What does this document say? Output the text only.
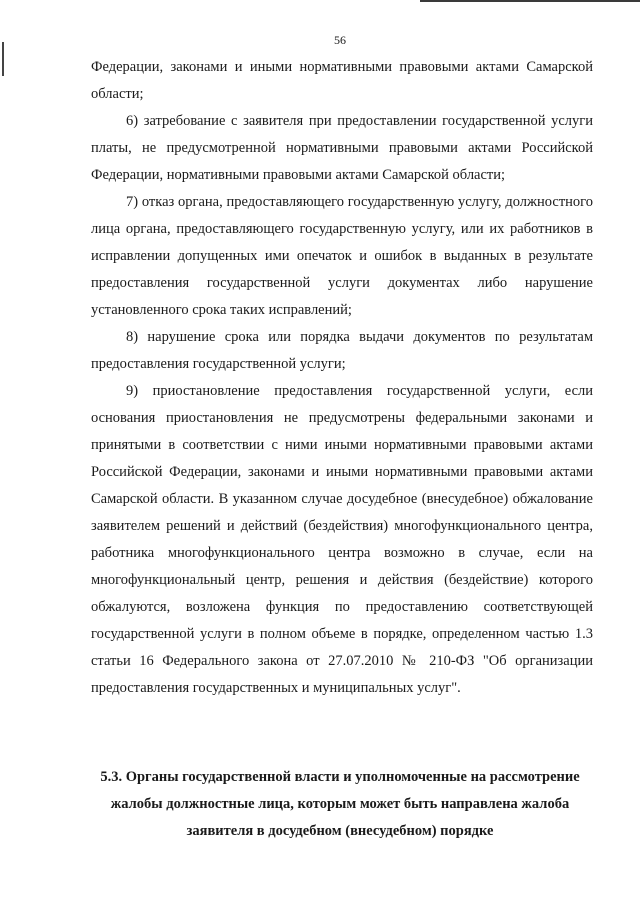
56

Федерации, законами и иными нормативными правовыми актами Самарской области;

6) затребование с заявителя при предоставлении государственной услуги платы, не предусмотренной нормативными правовыми актами Российской Федерации, нормативными правовыми актами Самарской области;

7) отказ органа, предоставляющего государственную услугу, должностного лица органа, предоставляющего государственную услугу, или их работников в исправлении допущенных ими опечаток и ошибок в выданных в результате предоставления государственной услуги документах либо нарушение установленного срока таких исправлений;

8) нарушение срока или порядка выдачи документов по результатам предоставления государственной услуги;

9) приостановление предоставления государственной услуги, если основания приостановления не предусмотрены федеральными законами и принятыми в соответствии с ними иными нормативными правовыми актами Российской Федерации, законами и иными нормативными правовыми актами Самарской области. В указанном случае досудебное (внесудебное) обжалование заявителем решений и действий (бездействия) многофункционального центра, работника многофункционального центра возможно в случае, если на многофункциональный центр, решения и действия (бездействие) которого обжалуются, возложена функция по предоставлению соответствующей государственной услуги в полном объеме в порядке, определенном частью 1.3 статьи 16 Федерального закона от 27.07.2010 № 210-ФЗ "Об организации предоставления государственных и муниципальных услуг".

5.3. Органы государственной власти и уполномоченные на рассмотрение
жалобы должностные лица, которым может быть направлена жалоба
заявителя в досудебном (внесудебном) порядке
